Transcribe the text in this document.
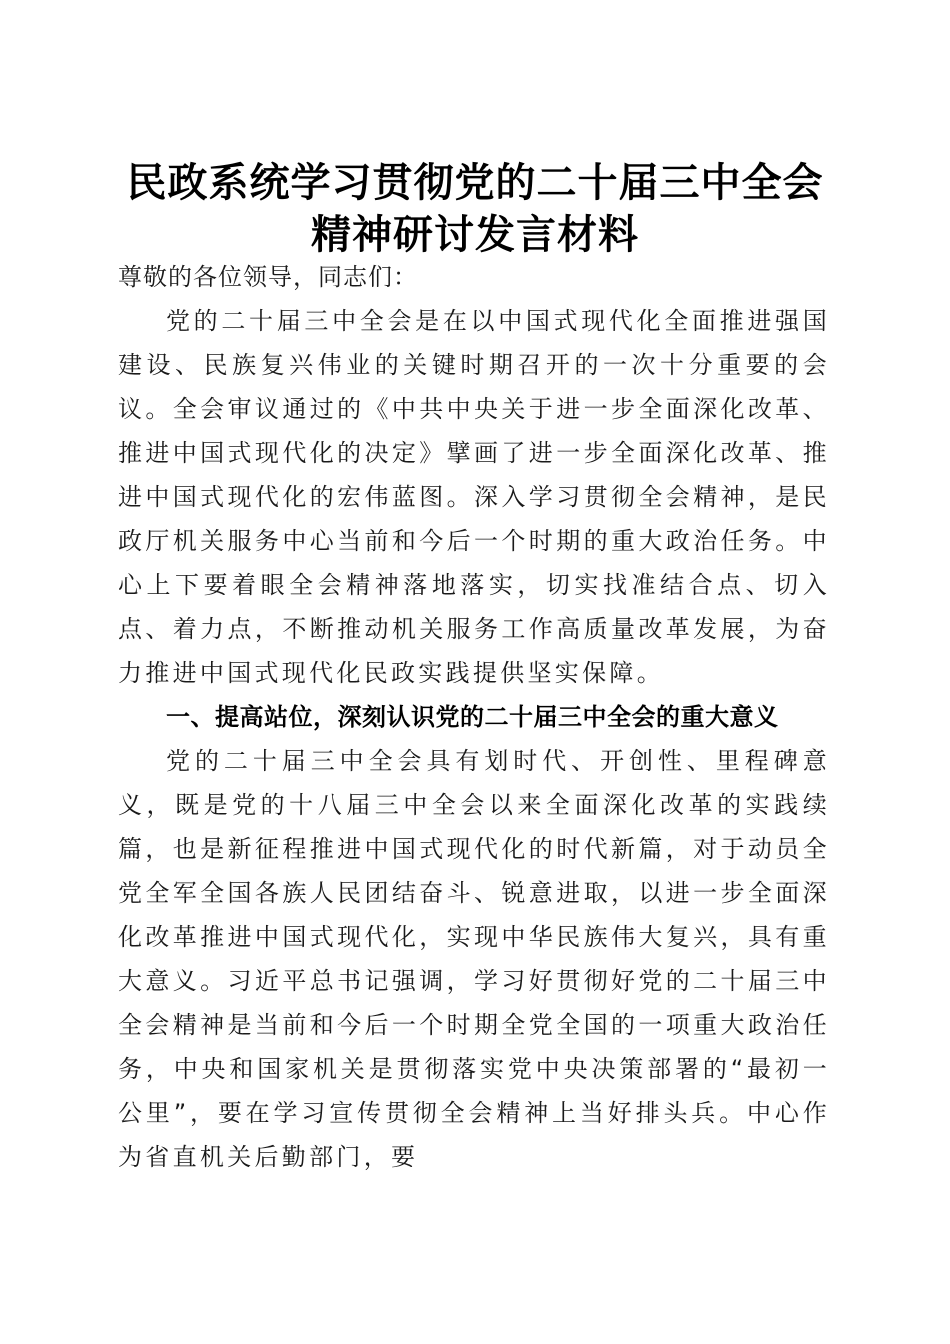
民政系统学习贯彻党的二十届三中全会精神研讨发言材料

尊敬的各位领导，同志们：

党的二十届三中全会是在以中国式现代化全面推进强国建设、民族复兴伟业的关键时期召开的一次十分重要的会议。全会审议通过的《中共中央关于进一步全面深化改革、推进中国式现代化的决定》擘画了进一步全面深化改革、推进中国式现代化的宏伟蓝图。深入学习贯彻全会精神，是民政厅机关服务中心当前和今后一个时期的重大政治任务。中心上下要着眼全会精神落地落实，切实找准结合点、切入点、着力点，不断推动机关服务工作高质量改革发展，为奋力推进中国式现代化民政实践提供坚实保障。

一、提高站位，深刻认识党的二十届三中全会的重大意义

党的二十届三中全会具有划时代、开创性、里程碑意义，既是党的十八届三中全会以来全面深化改革的实践续篇，也是新征程推进中国式现代化的时代新篇，对于动员全党全军全国各族人民团结奋斗、锐意进取，以进一步全面深化改革推进中国式现代化，实现中华民族伟大复兴，具有重大意义。习近平总书记强调，学习好贯彻好党的二十届三中全会精神是当前和今后一个时期全党全国的一项重大政治任务，中央和国家机关是贯彻落实党中央决策部署的“最初一公里”，要在学习宣传贯彻全会精神上当好排头兵。中心作为省直机关后勤部门，要
